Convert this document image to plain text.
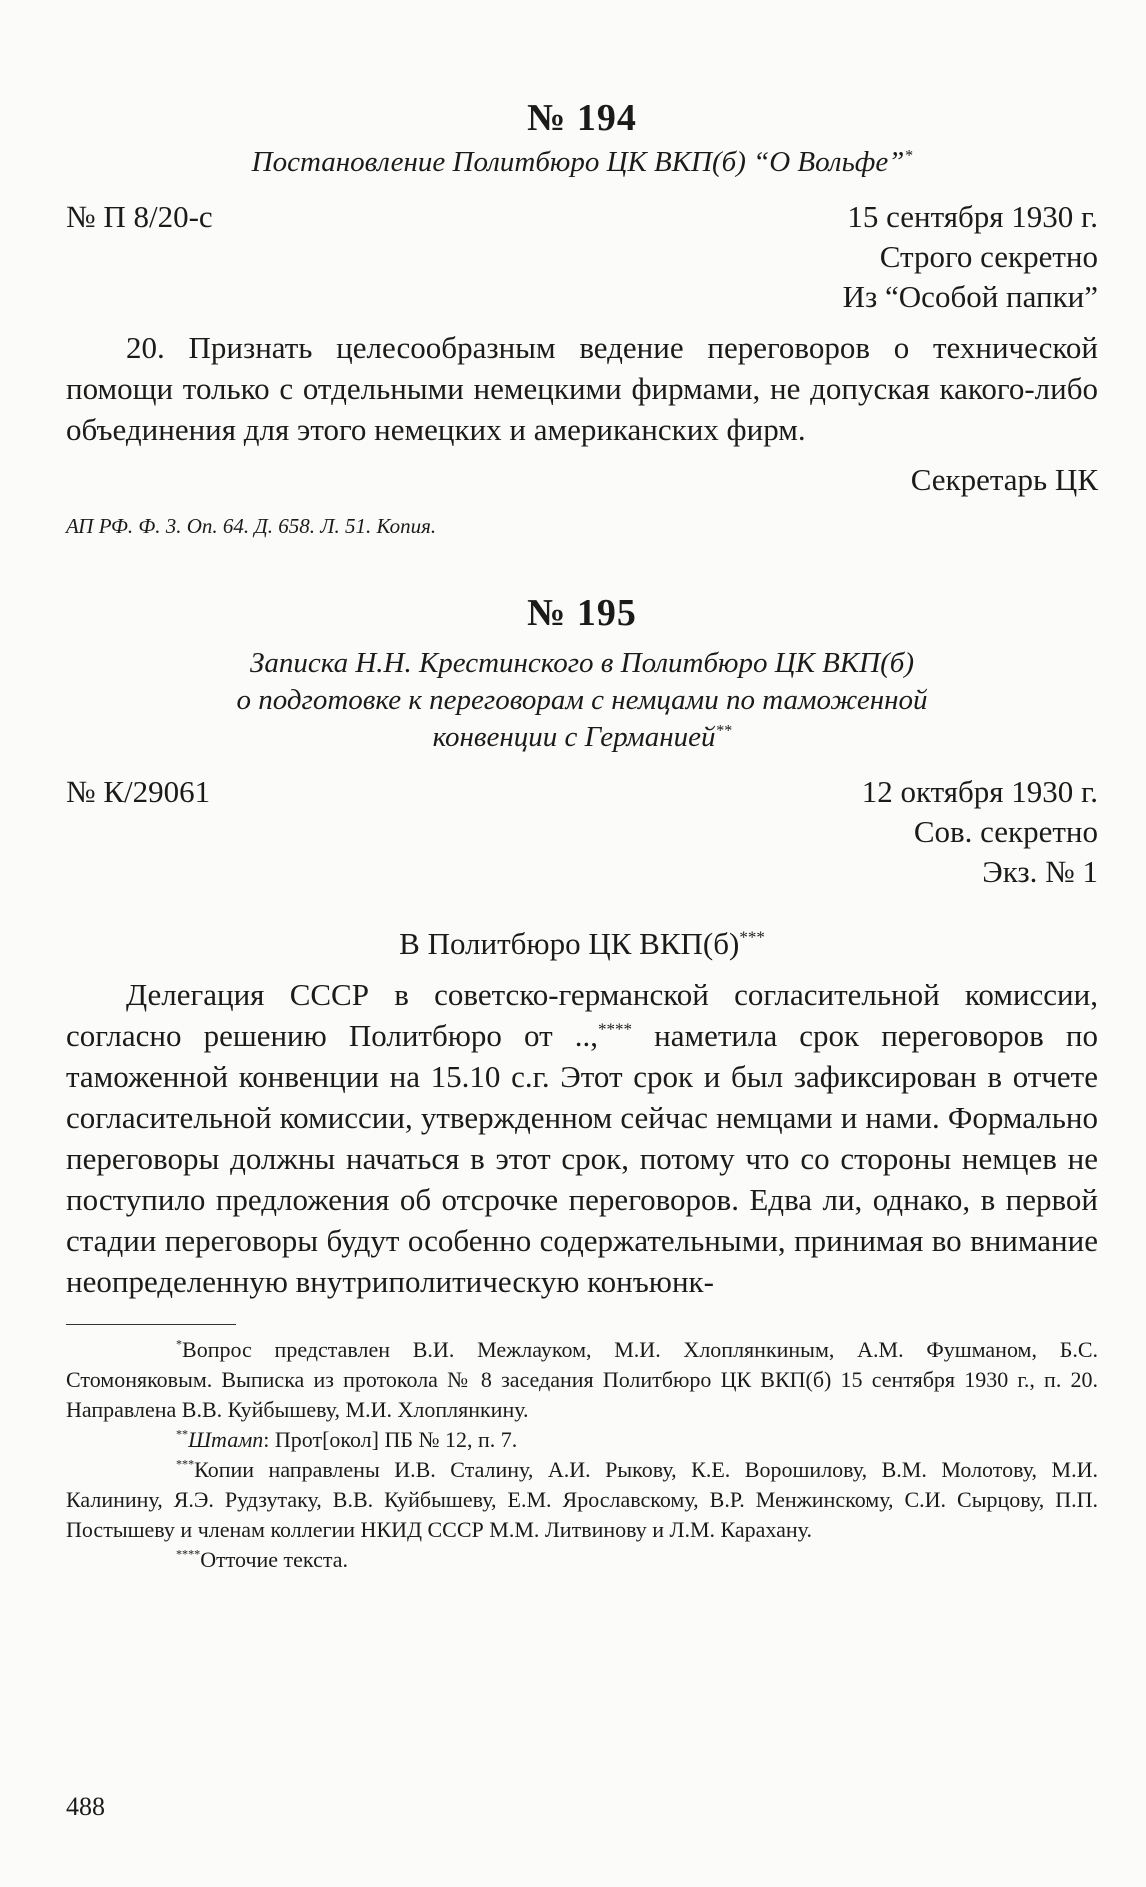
№ 194

Постановление Политбюро ЦК ВКП(б) “О Вольфе”*

№ П 8/20-с	15 сентября 1930 г.
Строго секретно
Из “Особой папки”

20. Признать целесообразным ведение переговоров о технической помощи только с отдельными немецкими фирмами, не допуская какого-либо объединения для этого немецких и американских фирм.

Секретарь ЦК

АП РФ. Ф. 3. Оп. 64. Д. 658. Л. 51. Копия.

№ 195

Записка Н.Н. Крестинского в Политбюро ЦК ВКП(б)
о подготовке к переговорам с немцами по таможенной
конвенции с Германией**

№ К/29061	12 октября 1930 г.
Сов. секретно
Экз. № 1

В Политбюро ЦК ВКП(б)***

Делегация СССР в советско-германской согласительной комиссии, согласно решению Политбюро от ..,**** наметила срок переговоров по таможенной конвенции на 15.10 с.г. Этот срок и был зафиксирован в отчете согласительной комиссии, утвержденном сейчас немцами и нами. Формально переговоры должны начаться в этот срок, потому что со стороны немцев не поступило предложения об отсрочке переговоров. Едва ли, однако, в первой стадии переговоры будут особенно содержательными, принимая во внимание неопределенную внутриполитическую конъюнк-

*Вопрос представлен В.И. Межлауком, М.И. Хлоплянкиным, А.М. Фушманом, Б.С. Стомоняковым. Выписка из протокола № 8 заседания Политбюро ЦК ВКП(б) 15 сентября 1930 г., п. 20. Направлена В.В. Куйбышеву, М.И. Хлоплянкину.

**Штамп: Прот[окол] ПБ № 12, п. 7.

***Копии направлены И.В. Сталину, А.И. Рыкову, К.Е. Ворошилову, В.М. Молотову, М.И. Калинину, Я.Э. Рудзутаку, В.В. Куйбышеву, Е.М. Ярославскому, В.Р. Менжинскому, С.И. Сырцову, П.П. Постышеву и членам коллегии НКИД СССР М.М. Литвинову и Л.М. Карахану.

****Отточие текста.

488
